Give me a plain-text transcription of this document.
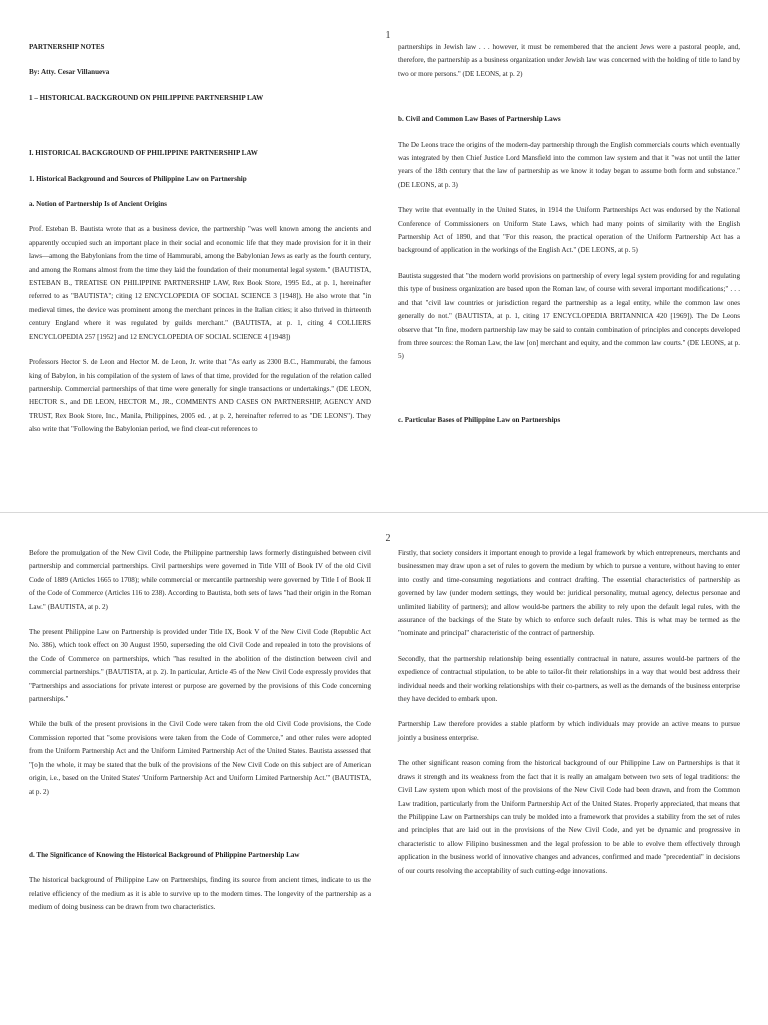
1
PARTNERSHIP NOTES
By: Atty. Cesar Villanueva
1 – HISTORICAL BACKGROUND ON PHILIPPINE PARTNERSHIP LAW
I. HISTORICAL BACKGROUND OF PHILIPPINE PARTNERSHIP LAW
1. Historical Background and Sources of Philippine Law on Partnership
a. Notion of Partnership Is of Ancient Origins

Prof. Esteban B. Bautista wrote that as a business device, the partnership "was well known among the ancients and apparently occupied such an important place in their social and economic life that they made provision for it in their laws—among the Babylonians from the time of Hammurabi, among the Babylonian Jews as early as the fourth century, and among the Romans almost from the time they laid the foundation of their monumental legal system." (BAUTISTA, ESTEBAN B., TREATISE ON PHILIPPINE PARTNERSHIP LAW, Rex Book Store, 1995 Ed., at p. 1, hereinafter referred to as "BAUTISTA"; citing 12 ENCYCLOPEDIA OF SOCIAL SCIENCE 3 [1948]). He also wrote that "in medieval times, the device was prominent among the merchant princes in the Italian cities; it also thrived in thirteenth century England where it was regulated by guilds merchant." (BAUTISTA, at p. 1, citing 4 COLLIERS ENCYCLOPEDIA 257 [1952] and 12 ENCYCLOPEDIA OF SOCIAL SCIENCE 4 [1948])

Professors Hector S. de Leon and Hector M. de Leon, Jr. write that "As early as 2300 B.C., Hammurabi, the famous king of Babylon, in his compilation of the system of laws of that time, provided for the regulation of the relation called partnership. Commercial partnerships of that time were generally for single transactions or undertakings." (DE LEON, HECTOR S., and DE LEON, HECTOR M., JR., COMMENTS AND CASES ON PARTNERSHIP, AGENCY AND TRUST, Rex Book Store, Inc., Manila, Philippines, 2005 ed. , at p. 2, hereinafter referred to as "DE LEONS"). They also write that "Following the Babylonian period, we find clear-cut references to

partnerships in Jewish law . . . however, it must be remembered that the ancient Jews were a pastoral people, and, therefore, the partnership as a business organization under Jewish law was concerned with the holding of title to land by two or more persons." (DE LEONS, at p. 2)

b. Civil and Common Law Bases of Partnership Laws

The De Leons trace the origins of the modern-day partnership through the English commercials courts which eventually was integrated by then Chief Justice Lord Mansfield into the common law system and that it "was not until the latter years of the 18th century that the law of partnership as we know it today began to assume both form and substance." (DE LEONS, at p. 3)

They write that eventually in the United States, in 1914 the Uniform Partnerships Act was endorsed by the National Conference of Commissioners on Uniform State Laws, which had many points of similarity with the English Partnership Act of 1890, and that "For this reason, the practical operation of the Uniform Partnership Act has a background of application in the workings of the English Act." (DE LEONS, at p. 5)

Bautista suggested that "the modern world provisions on partnership of every legal system providing for and regulating this type of business organization are based upon the Roman law, of course with several important modifications;" . . . and that "civil law countries or jurisdiction regard the partnership as a legal entity, while the common law ones generally do not." (BAUTISTA, at p. 1, citing 17 ENCYCLOPEDIA BRITANNICA 420 [1969]). The De Leons observe that "In fine, modern partnership law may be said to contain combination of principles and concepts developed from three sources: the Roman Law, the law [on] merchant and equity, and the common law courts." (DE LEONS, at p. 5)

c. Particular Bases of Philippine Law on Partnerships
2

Before the promulgation of the New Civil Code, the Philippine partnership laws formerly distinguished between civil partnership and commercial partnerships. Civil partnerships were governed in Title VIII of Book IV of the old Civil Code of 1889 (Articles 1665 to 1708); while commercial or mercantile partnership were governed by Title I of Book II of the Code of Commerce (Articles 116 to 238). According to Bautista, both sets of laws "had their origin in the Roman Law." (BAUTISTA, at p. 2)

The present Philippine Law on Partnership is provided under Title IX, Book V of the New Civil Code (Republic Act No. 386), which took effect on 30 August 1950, superseding the old Civil Code and repealed in toto the provisions of the Code of Commerce on partnerships, which "has resulted in the abolition of the distinction between civil and commercial partnerships." (BAUTISTA, at p. 2). In particular, Article 45 of the New Civil Code expressly provides that "Partnerships and associations for private interest or purpose are governed by the provisions of this Code concerning partnerships."

While the bulk of the present provisions in the Civil Code were taken from the old Civil Code provisions, the Code Commission reported that "some provisions were taken from the Code of Commerce," and other rules were adopted from the Uniform Partnership Act and the Uniform Limited Partnership Act of the United States. Bautista assessed that "[o]n the whole, it may be stated that the bulk of the provisions of the New Civil Code on this subject are of American origin, i.e., based on the United States' 'Uniform Partnership Act and Uniform Limited Partnership Act.'" (BAUTISTA, at p. 2)

d. The Significance of Knowing the Historical Background of Philippine Partnership Law

The historical background of Philippine Law on Partnerships, finding its source from ancient times, indicate to us the relative efficiency of the medium as it is able to survive up to the modern times. The longevity of the partnership as a medium of doing business can be drawn from two characteristics.

Firstly, that society considers it important enough to provide a legal framework by which entrepreneurs, merchants and businessmen may draw upon a set of rules to govern the medium by which to pursue a venture, without having to enter into costly and time-consuming negotiations and contract drafting. The essential characteristics of partnership as governed by law (under modern settings, they would be: juridical personality, mutual agency, delectus personae and unlimited liability of partners); and allow would-be partners the ability to rely upon the default legal rules, with the assurance of the backings of the State by which to enforce such default rules. This is what may be termed as the "nominate and principal" characteristic of the contract of partnership.

Secondly, that the partnership relationship being essentially contractual in nature, assures would-be partners of the expedience of contractual stipulation, to be able to tailor-fit their relationships in a way that would best address their individual needs and their working relationships with their co-partners, as well as the demands of the business enterprise they have decided to embark upon.

Partnership Law therefore provides a stable platform by which individuals may provide an active means to pursue jointly a business enterprise.

The other significant reason coming from the historical background of our Philippine Law on Partnerships is that it draws it strength and its weakness from the fact that it is really an amalgam between two sets of legal traditions: the Civil Law system upon which most of the provisions of the New Civil Code had been drawn, and from the Common Law tradition, particularly from the Uniform Partnership Act of the United States. Properly appreciated, that means that the Philippine Law on Partnerships can truly be molded into a framework that provides a stability from the set of rules and principles that are laid out in the provisions of the New Civil Code, and yet be dynamic and progressive in characteristic to allow Filipino businessmen and the legal profession to be able to evolve them effectively through application in the business world of innovative changes and advances, confirmed and made "precedential" in decisions of our courts resolving the acceptability of such cutting-edge innovations.
